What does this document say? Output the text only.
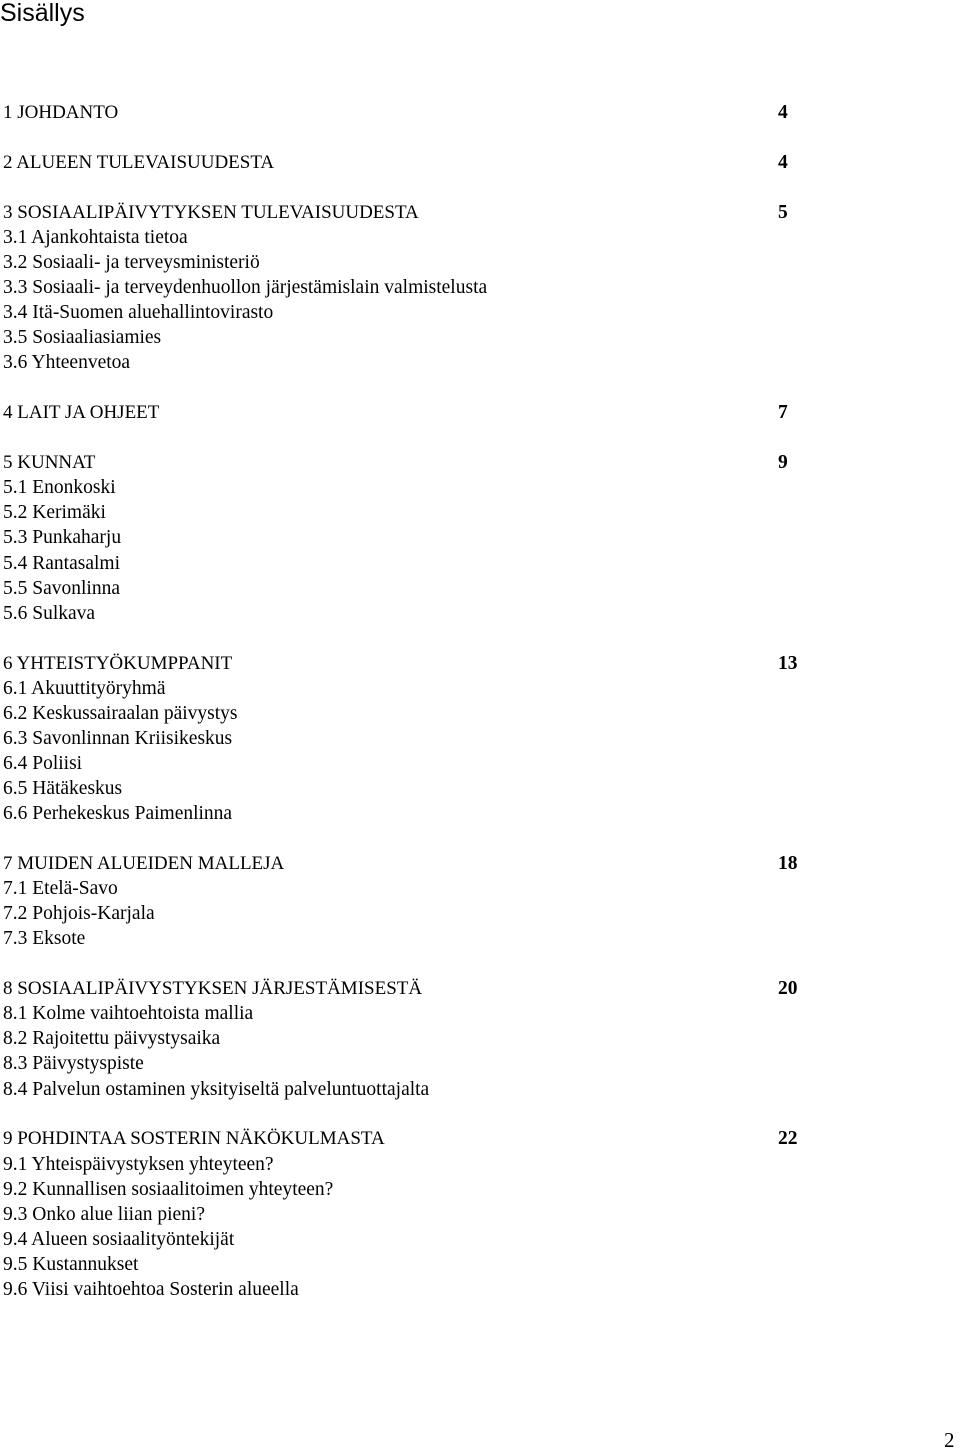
Sisällys
1 JOHDANTO	4
2 ALUEEN TULEVAISUUDESTA	4
3 SOSIAALIPÄIVYTYKSEN TULEVAISUUDESTA	5
3.1 Ajankohtaista tietoa
3.2 Sosiaali- ja terveysministeriö
3.3 Sosiaali- ja terveydenhuollon järjestämislain valmistelusta
3.4 Itä-Suomen aluehallintovirasto
3.5 Sosiaaliasiamies
3.6 Yhteenvetoa
4 LAIT JA OHJEET	7
5 KUNNAT	9
5.1 Enonkoski
5.2 Kerimäki
5.3 Punkaharju
5.4 Rantasalmi
5.5 Savonlinna
5.6 Sulkava
6 YHTEISTYÖKUMPPANIT	13
6.1 Akuuttityöryhmä
6.2 Keskussairaalan päivystys
6.3 Savonlinnan Kriisikeskus
6.4 Poliisi
6.5 Hätäkeskus
6.6 Perhekeskus Paimenlinna
7 MUIDEN ALUEIDEN MALLEJA	18
7.1 Etelä-Savo
7.2 Pohjois-Karjala
7.3 Eksote
8 SOSIAALIPÄIVYSTYKSEN JÄRJESTÄMISESTÄ	20
8.1 Kolme vaihtoehtoista mallia
8.2 Rajoitettu päivystysaika
8.3 Päivystyspiste
8.4 Palvelun ostaminen yksityiseltä palveluntuottajalta
9 POHDINTAA SOSTERIN NÄKÖKULMASTA	22
9.1 Yhteispäivystyksen yhteyteen?
9.2 Kunnallisen sosiaalitoimen yhteyteen?
9.3 Onko alue liian pieni?
9.4 Alueen sosiaalityöntekijät
9.5 Kustannukset
9.6 Viisi vaihtoehtoa Sosterin alueella
2
